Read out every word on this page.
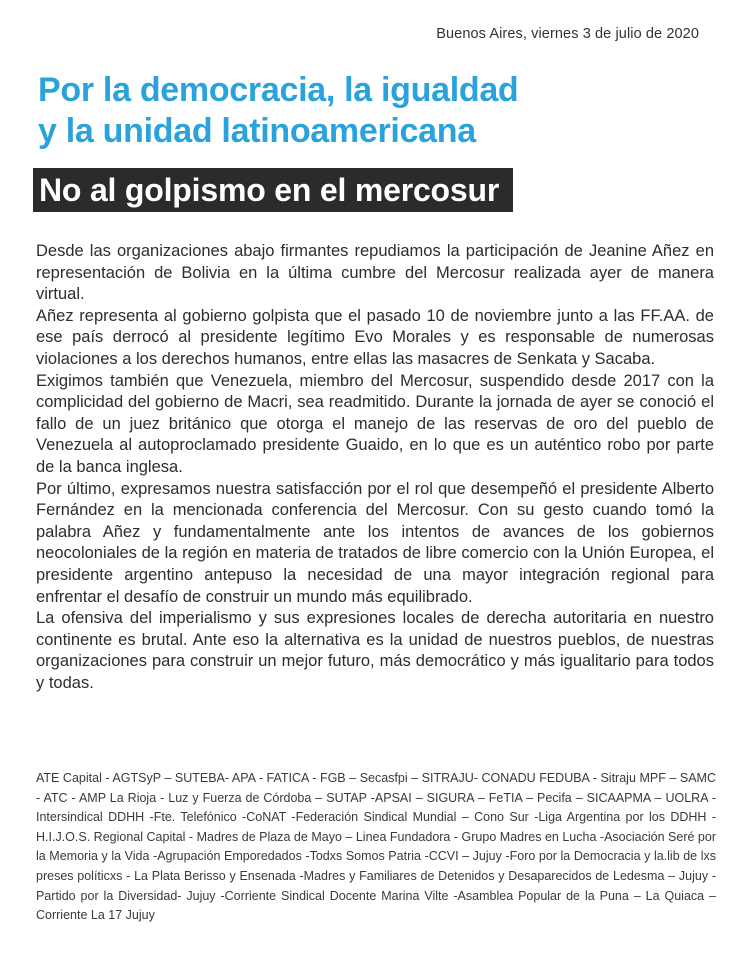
Buenos Aires, viernes 3 de julio de 2020
Por la democracia, la igualdad
y la unidad latinoamericana
No al golpismo en el mercosur

Desde las organizaciones abajo firmantes repudiamos la participación de Jeanine Añez en representación de Bolivia en la última cumbre del Mercosur realizada ayer de manera virtual.

Añez representa al gobierno golpista que el pasado 10 de noviembre junto a las FF.AA. de ese país derrocó al presidente legítimo Evo Morales y es responsable de numerosas violaciones a los derechos humanos, entre ellas las masacres de Senkata y Sacaba.

Exigimos también que Venezuela, miembro del Mercosur, suspendido desde 2017 con la complicidad del gobierno de Macri, sea readmitido. Durante la jornada de ayer se conoció el fallo de un juez británico que otorga el manejo de las reservas de oro del pueblo de Venezuela al autoproclamado presidente Guaido, en lo que es un auténtico robo por parte de la banca inglesa.

Por último, expresamos nuestra satisfacción por el rol que desempeñó el presidente Alberto Fernández en la mencionada conferencia del Mercosur. Con su gesto cuando tomó la palabra Añez y fundamentalmente ante los intentos de avances de los gobiernos neocoloniales de la región en materia de tratados de libre comercio con la Unión Europea, el presidente argentino antepuso la necesidad de una mayor integración regional para enfrentar el desafío de construir un mundo más equilibrado.

La ofensiva del imperialismo y sus expresiones locales de derecha autoritaria en nuestro continente es brutal. Ante eso la alternativa es la unidad de nuestros pueblos, de nuestras organizaciones para construir un mejor futuro, más democrático y más igualitario para todos y todas.

ATE Capital - AGTSyP – SUTEBA- APA - FATICA - FGB – Secasfpi – SITRAJU- CONADU FEDUBA - Sitraju MPF – SAMC - ATC - AMP La Rioja - Luz y Fuerza de Córdoba – SUTAP -APSAI – SIGURA – FeTIA – Pecifa – SICAAPMA – UOLRA - Intersindical DDHH -Fte. Telefónico -CoNAT -Federación Sindical Mundial – Cono Sur -Liga Argentina por los DDHH -H.I.J.O.S. Regional Capital - Madres de Plaza de Mayo – Linea Fundadora - Grupo Madres en Lucha -Asociación Seré por la Memoria y la Vida -Agrupación Emporedados -Todxs Somos Patria -CCVI – Jujuy -Foro por la Democracia y la.lib de lxs preses políticxs - La Plata Berisso y Ensenada -Madres y Familiares de Detenidos y Desaparecidos de Ledesma – Jujuy -Partido por la Diversidad- Jujuy -Corriente Sindical Docente Marina Vilte -Asamblea Popular de la Puna – La Quiaca – Corriente La 17 Jujuy
